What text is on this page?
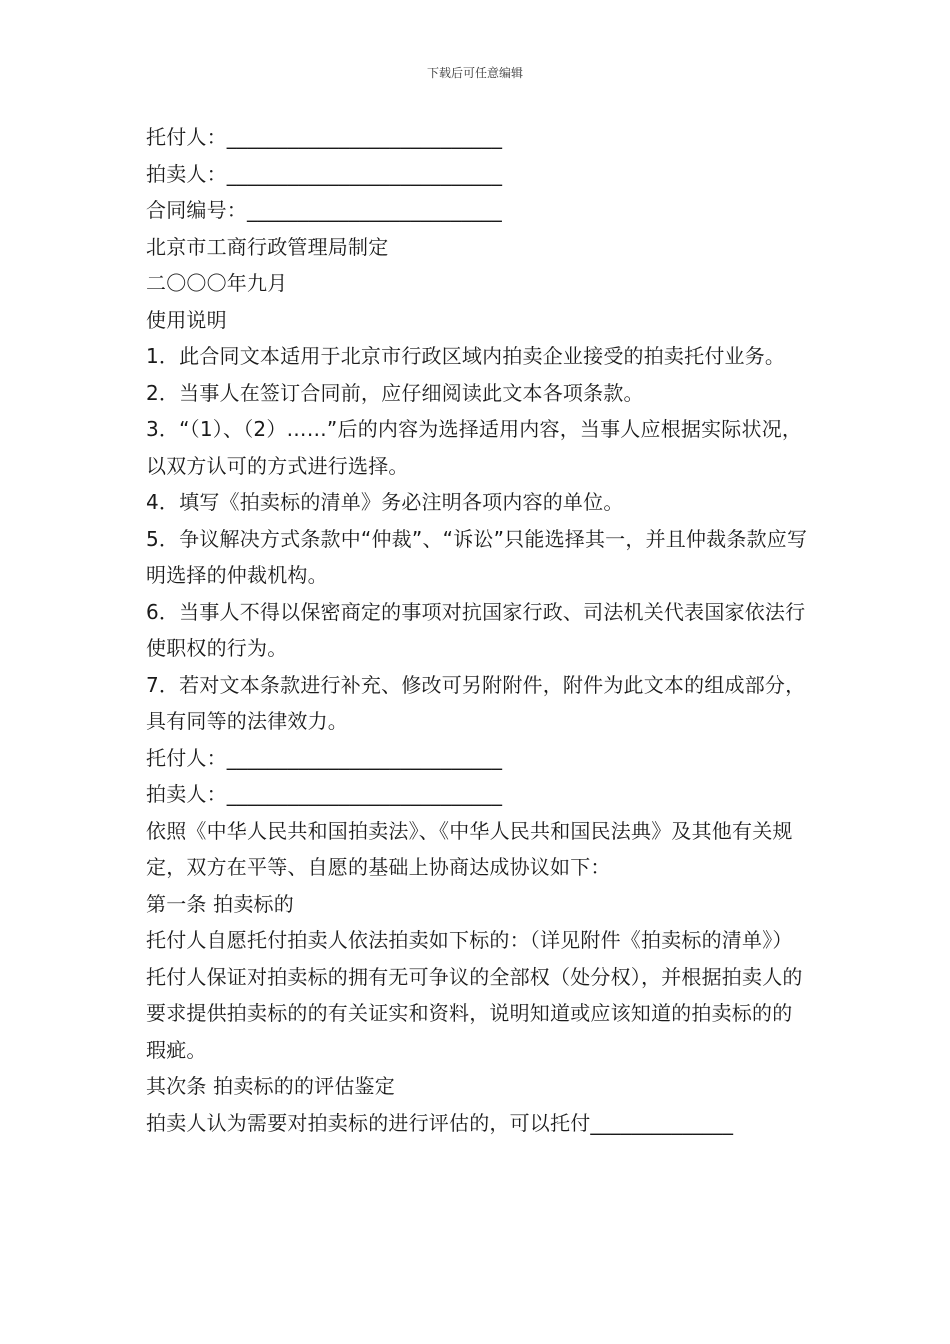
下载后可任意编辑
托付人：___________________________
拍卖人：___________________________
合同编号：_________________________
北京市工商行政管理局制定
二〇〇〇年九月
使用说明
1．此合同文本适用于北京市行政区域内拍卖企业接受的拍卖托付业务。
2．当事人在签订合同前，应仔细阅读此文本各项条款。
3．“（1）、（2）……”后的内容为选择适用内容，当事人应根据实际状况，以双方认可的方式进行选择。
4．填写《拍卖标的清单》务必注明各项内容的单位。
5．争议解决方式条款中“仲裁”、“诉讼”只能选择其一，并且仲裁条款应写明选择的仲裁机构。
6．当事人不得以保密商定的事项对抗国家行政、司法机关代表国家依法行使职权的行为。
7．若对文本条款进行补充、修改可另附附件，附件为此文本的组成部分，具有同等的法律效力。
托付人：___________________________
拍卖人：___________________________
依照《中华人民共和国拍卖法》、《中华人民共和国民法典》及其他有关规定，双方在平等、自愿的基础上协商达成协议如下：
第一条 拍卖标的
托付人自愿托付拍卖人依法拍卖如下标的：（详见附件《拍卖标的清单》）
托付人保证对拍卖标的拥有无可争议的全部权（处分权），并根据拍卖人的要求提供拍卖标的的有关证实和资料，说明知道或应该知道的拍卖标的的瑕疵。
其次条 拍卖标的的评估鉴定
拍卖人认为需要对拍卖标的进行评估的，可以托付______________
